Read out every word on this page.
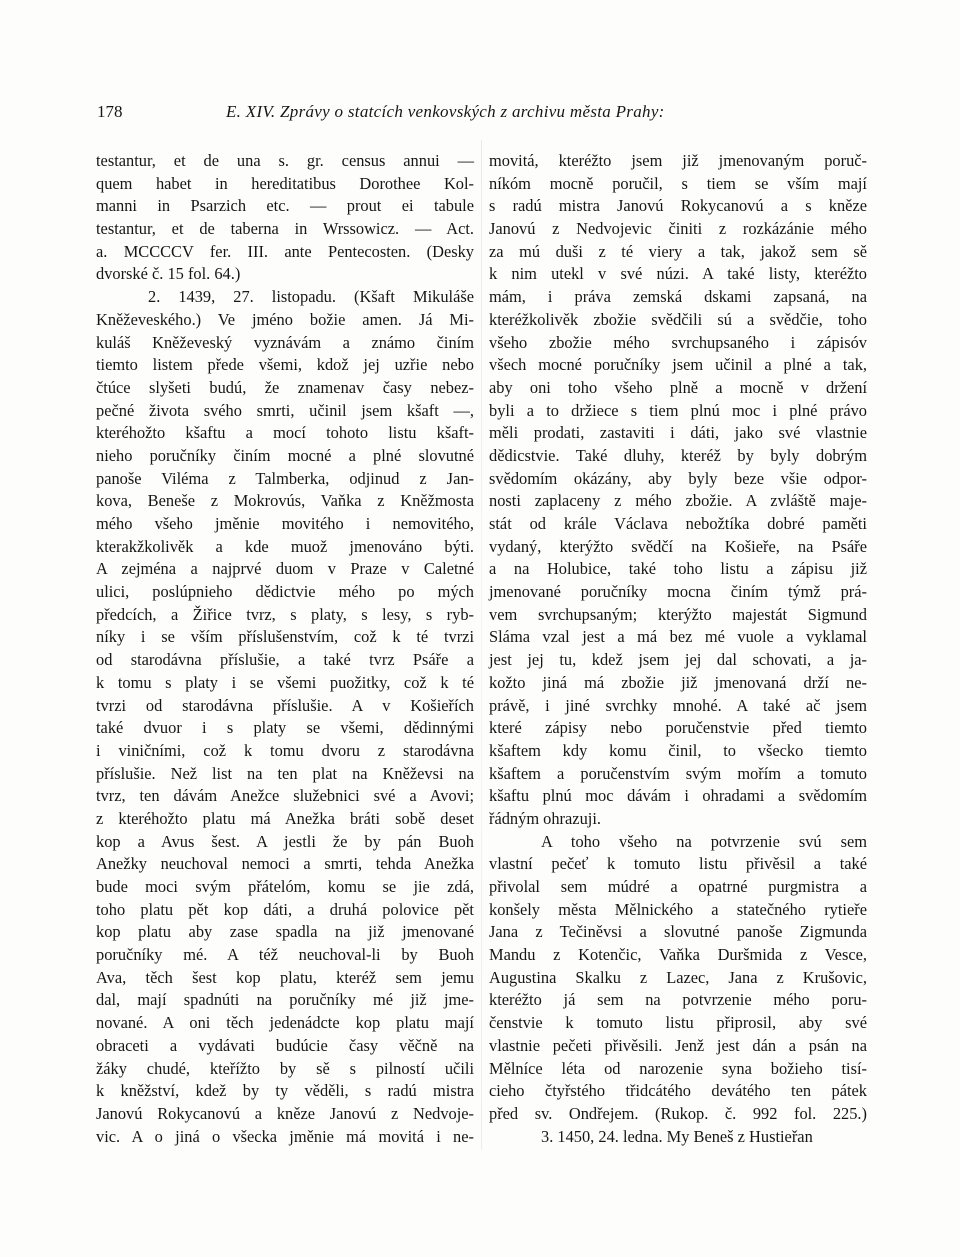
178	E. XIV. Zprávy o statcích venkovských z archivu města Prahy:
testantur, et de una s. gr. census annui —
quem habet in hereditatibus Dorothee Kol-
manni in Psarzich etc. — prout ei tabule
testantur, et de taberna in Wrssowicz. — Act.
a. MCCCCV fer. III. ante Pentecosten. (Desky
dvorské č. 15 fol. 64.)
2. 1439, 27. listopadu. (Kšaft Mikuláše
Kněževeského.) Ve jméno božie amen. Já Mi-
kuláš Kněževeský vyznávám a známo činím
tiemto listem přede všemi, kdož jej uzřie nebo
čtúce slyšeti budú, že znamenav časy nebez-
pečné života svého smrti, učinil jsem kšaft —,
kteréhožto kšaftu a mocí tohoto listu kšaft-
nieho poručníky činím mocné a plné slovutné
panoše Viléma z Talmberka, odjinud z Jan-
kova, Beneše z Mokrovús, Vaňka z Kněžmosta
mého všeho jměnie movitého i nemovitého,
kterakžkolivěk a kde muož jmenováno býti.
A zejména a najprvé duom v Praze v Caletné
ulici, poslúpnieho dědictvie mého po mých
předcích, a Žiřice tvrz, s platy, s lesy, s ryb-
níky i se vším příslušenstvím, což k té tvrzi
od starodávna příslušie, a také tvrz Psáře a
k tomu s platy i se všemi puožitky, což k té
tvrzi od starodávna příslušie. A v Košieřích
také dvuor i s platy se všemi, dědinnými
i viničními, což k tomu dvoru z starodávna
příslušie. Než list na ten plat na Kněževsi na
tvrz, ten dávám Anežce služebnici své a Avovi;
z kteréhožto platu má Anežka bráti sobě deset
kop a Avus šest. A jestli že by pán Buoh
Anežky neuchoval nemoci a smrti, tehda Anežka
bude moci svým přátelóm, komu se jie zdá,
toho platu pět kop dáti, a druhá polovice pět
kop platu aby zase spadla na již jmenované
poručníky mé. A též neuchoval-li by Buoh
Ava, těch šest kop platu, kteréž sem jemu
dal, mají spadnúti na poručníky mé již jme-
nované. A oni těch jedenádcte kop platu mají
obraceti a vydávati budúcie časy věčně na
žáky chudé, kteřížto by sě s pilností učili
k kněžství, kdež by ty věděli, s radú mistra
Janovú Rokycanovú a kněze Janovú z Nedvoje-
vic. A o jiná o všecka jměnie má movitá i ne-
movitá, kteréžto jsem již jmenovaným poruč-
níkóm mocně poručil, s tiem se vším mají
s radú mistra Janovú Rokycanovú a s kněze
Janovú z Nedvojevic činiti z rozkázánie mého
za mú duši z té viery a tak, jakož sem sě
k nim utekl v své núzi. A také listy, kteréžto
mám, i práva zemská dskami zapsaná, na
kteréžkolivěk zbožie svědčili sú a svědčie, toho
všeho zbožie mého svrchupsaného i zápisóv
všech mocné poručníky jsem učinil a plné a tak,
aby oni toho všeho plně a mocně v držení
byli a to držiece s tiem plnú moc i plné právo
měli prodati, zastaviti i dáti, jako své vlastnie
dědicstvie. Také dluhy, kteréž by byly dobrým
svědomím okázány, aby byly beze všie odpor-
nosti zaplaceny z mého zbožie. A zvláště maje-
stát od krále Václava nebožtíka dobré paměti
vydaný, kterýžto svědčí na Košieře, na Psáře
a na Holubice, také toho listu a zápisu již
jmenované poručníky mocna činím týmž prá-
vem svrchupsaným; kterýžto majestát Sigmund
Sláma vzal jest a má bez mé vuole a vyklamal
jest jej tu, kdež jsem jej dal schovati, a ja-
kožto jiná má zbožie již jmenovaná drží ne-
právě, i jiné svrchky mnohé. A také ač jsem
které zápisy nebo poručenstvie před tiemto
kšaftem kdy komu činil, to všecko tiemto
kšaftem a poručenstvím svým mořím a tomuto
kšaftu plnú moc dávám i ohradami a svědomím
řádným ohrazuji.
A toho všeho na potvrzenie svú sem
vlastní pečeť k tomuto listu přivěsil a také
přivolal sem múdré a opatrné purgmistra a
konšely města Mělnického a statečného rytieře
Jana z Tečiněvsi a slovutné panoše Zigmunda
Mandu z Kotenčic, Vaňka Duršmida z Vesce,
Augustina Skalku z Lazec, Jana z Krušovic,
kteréžto já sem na potvrzenie mého poru-
čenstvie k tomuto listu připrosil, aby své
vlastnie pečeti přivěsili. Jenž jest dán a psán na
Mělníce léta od narozenie syna božieho tisí-
cieho čtyřstého třidcátého devátého ten pátek
před sv. Ondřejem. (Rukop. č. 992 fol. 225.)
3. 1450, 24. ledna. My Beneš z Hustieřan
